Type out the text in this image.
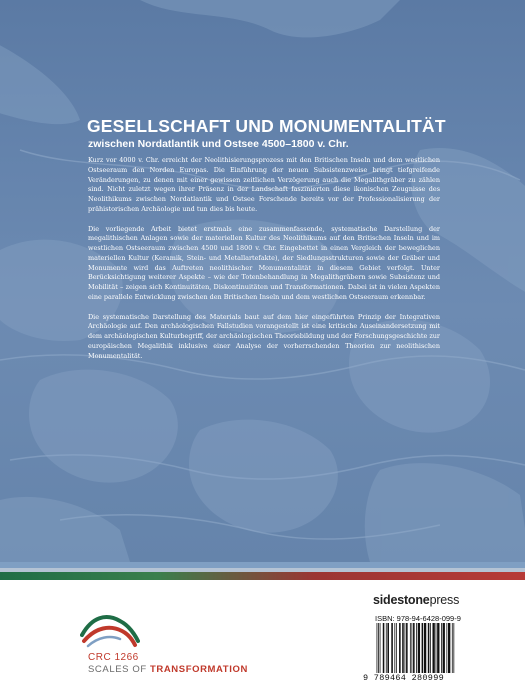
GESELLSCHAFT UND MONUMENTALITÄT
zwischen Nordatlantik und Ostsee 4500–1800 v. Chr.

Kurz vor 4000 v. Chr. erreicht der Neolithisierungsprozess mit den Britischen Inseln und dem westlichen Ostseeraum den Norden Europas. Die Einführung der neuen Subsistenzweise bringt tiefgreifende Veränderungen, zu denen mit einer gewissen zeitlichen Verzögerung auch die Megalithgräber zu zählen sind. Nicht zuletzt wegen ihrer Präsenz in der Landschaft faszinierten diese ikonischen Zeugnisse des Neolithikums zwischen Nordatlantik und Ostsee Forschende bereits vor der Professionalisierung der prähistorischen Archäologie und tun dies bis heute.

Die vorliegende Arbeit bietet erstmals eine zusammenfassende, systematische Darstellung der megalithischen Anlagen sowie der materiellen Kultur des Neolithikums auf den Britischen Inseln und im westlichen Ostseeraum zwischen 4500 und 1800 v. Chr. Eingebettet in einen Vergleich der beweglichen materiellen Kultur (Keramik, Stein- und Metallartefakte), der Siedlungsstrukturen sowie der Gräber und Monumente wird das Auftreten neolithischer Monumentalität in diesem Gebiet verfolgt. Unter Berücksichtigung weiterer Aspekte – wie der Totenbehandlung in Megalithgräbern sowie Subsistenz und Mobilität – zeigen sich Kontinuitäten, Diskontinuitäten und Transformationen. Dabei ist in vielen Aspekten eine parallele Entwicklung zwischen den Britischen Inseln und dem westlichen Ostseeraum erkennbar.

Die systematische Darstellung des Materials baut auf dem hier eingeführten Prinzip der Integrativen Archäologie auf. Den archäologischen Fallstudien vorangestellt ist eine kritische Auseinandersetzung mit dem archäologischen Kulturbegriff, der archäologischen Theoriebildung und der Forschungsgeschichte zur europäischen Megalithik inklusive einer Analyse der vorherrschenden Theorien zur neolithischen Monumentalität.

CRC 1266

SCALES OF TRANSFORMATION

sidestonepress

ISBN: 978-94-6428-099-9

9 789464 280999
